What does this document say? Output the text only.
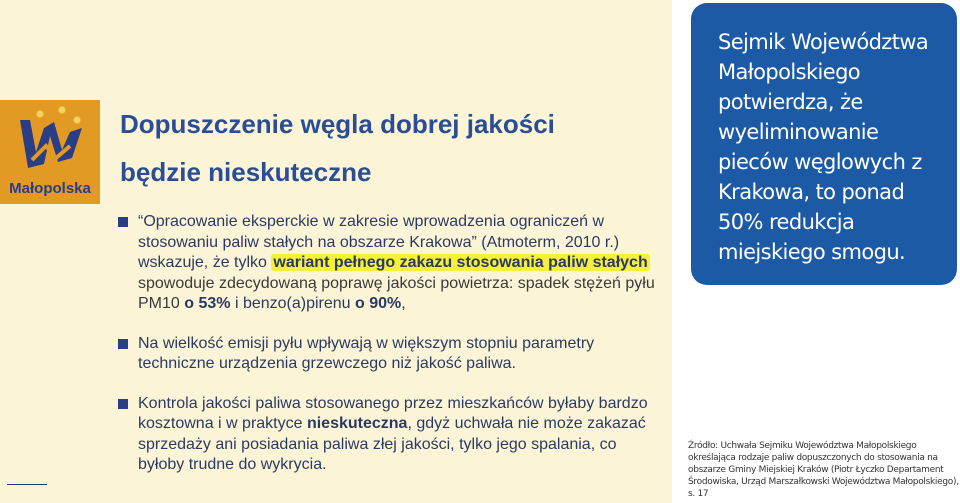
Małopolska
Dopuszczenie węgla dobrej jakości
będzie nieskuteczne
“Opracowanie eksperckie w zakresie wprowadzenia ograniczeń w stosowaniu paliw stałych na obszarze Krakowa” (Atmoterm, 2010 r.) wskazuje, że tylko wariant pełnego zakazu stosowania paliw stałych spowoduje zdecydowaną poprawę jakości powietrza: spadek stężeń pyłu PM10 o 53% i benzo(a)pirenu o 90%,
Na wielkość emisji pyłu wpływają w większym stopniu parametry techniczne urządzenia grzewczego niż jakość paliwa.
Kontrola jakości paliwa stosowanego przez mieszkańców byłaby bardzo kosztowna i w praktyce nieskuteczna, gdyż uchwała nie może zakazać sprzedaży ani posiadania paliwa złej jakości, tylko jego spalania, co byłoby trudne do wykrycia.
Sejmik Województwa Małopolskiego potwierdza, że wyeliminowanie pieców węglowych z Krakowa, to ponad 50% redukcja miejskiego smogu.
Źródło: Uchwała Sejmiku Województwa Małopolskiego określająca rodzaje paliw dopuszczonych do stosowania na obszarze Gminy Miejskiej Kraków (Piotr Łyczko Departament Środowiska, Urząd Marszałkowski Województwa Małopolskiego), s. 17
